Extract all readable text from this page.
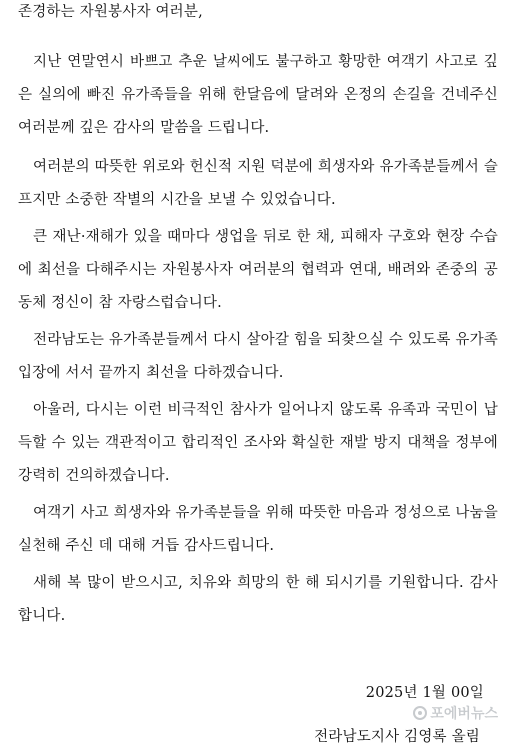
존경하는 자원봉사자 여러분,

지난 연말연시 바쁘고 추운 날씨에도 불구하고 황망한 여객기 사고로 깊은 실의에 빠진 유가족들을 위해 한달음에 달려와 온정의 손길을 건네주신 여러분께 깊은 감사의 말씀을 드립니다.

여러분의 따뜻한 위로와 헌신적 지원 덕분에 희생자와 유가족분들께서 슬프지만 소중한 작별의 시간을 보낼 수 있었습니다.

큰 재난·재해가 있을 때마다 생업을 뒤로 한 채, 피해자 구호와 현장 수습에 최선을 다해주시는 자원봉사자 여러분의 협력과 연대, 배려와 존중의 공동체 정신이 참 자랑스럽습니다.

전라남도는 유가족분들께서 다시 살아갈 힘을 되찾으실 수 있도록 유가족 입장에 서서 끝까지 최선을 다하겠습니다.

아울러, 다시는 이런 비극적인 참사가 일어나지 않도록 유족과 국민이 납득할 수 있는 객관적이고 합리적인 조사와 확실한 재발 방지 대책을 정부에 강력히 건의하겠습니다.

여객기 사고 희생자와 유가족분들을 위해 따뜻한 마음과 정성으로 나눔을 실천해 주신 데 대해 거듭 감사드립니다.

새해 복 많이 받으시고, 치유와 희망의 한 해 되시기를 기원합니다. 감사합니다.

2025년 1월 00일
포에버뉴스
전라남도지사 김영록 올림
